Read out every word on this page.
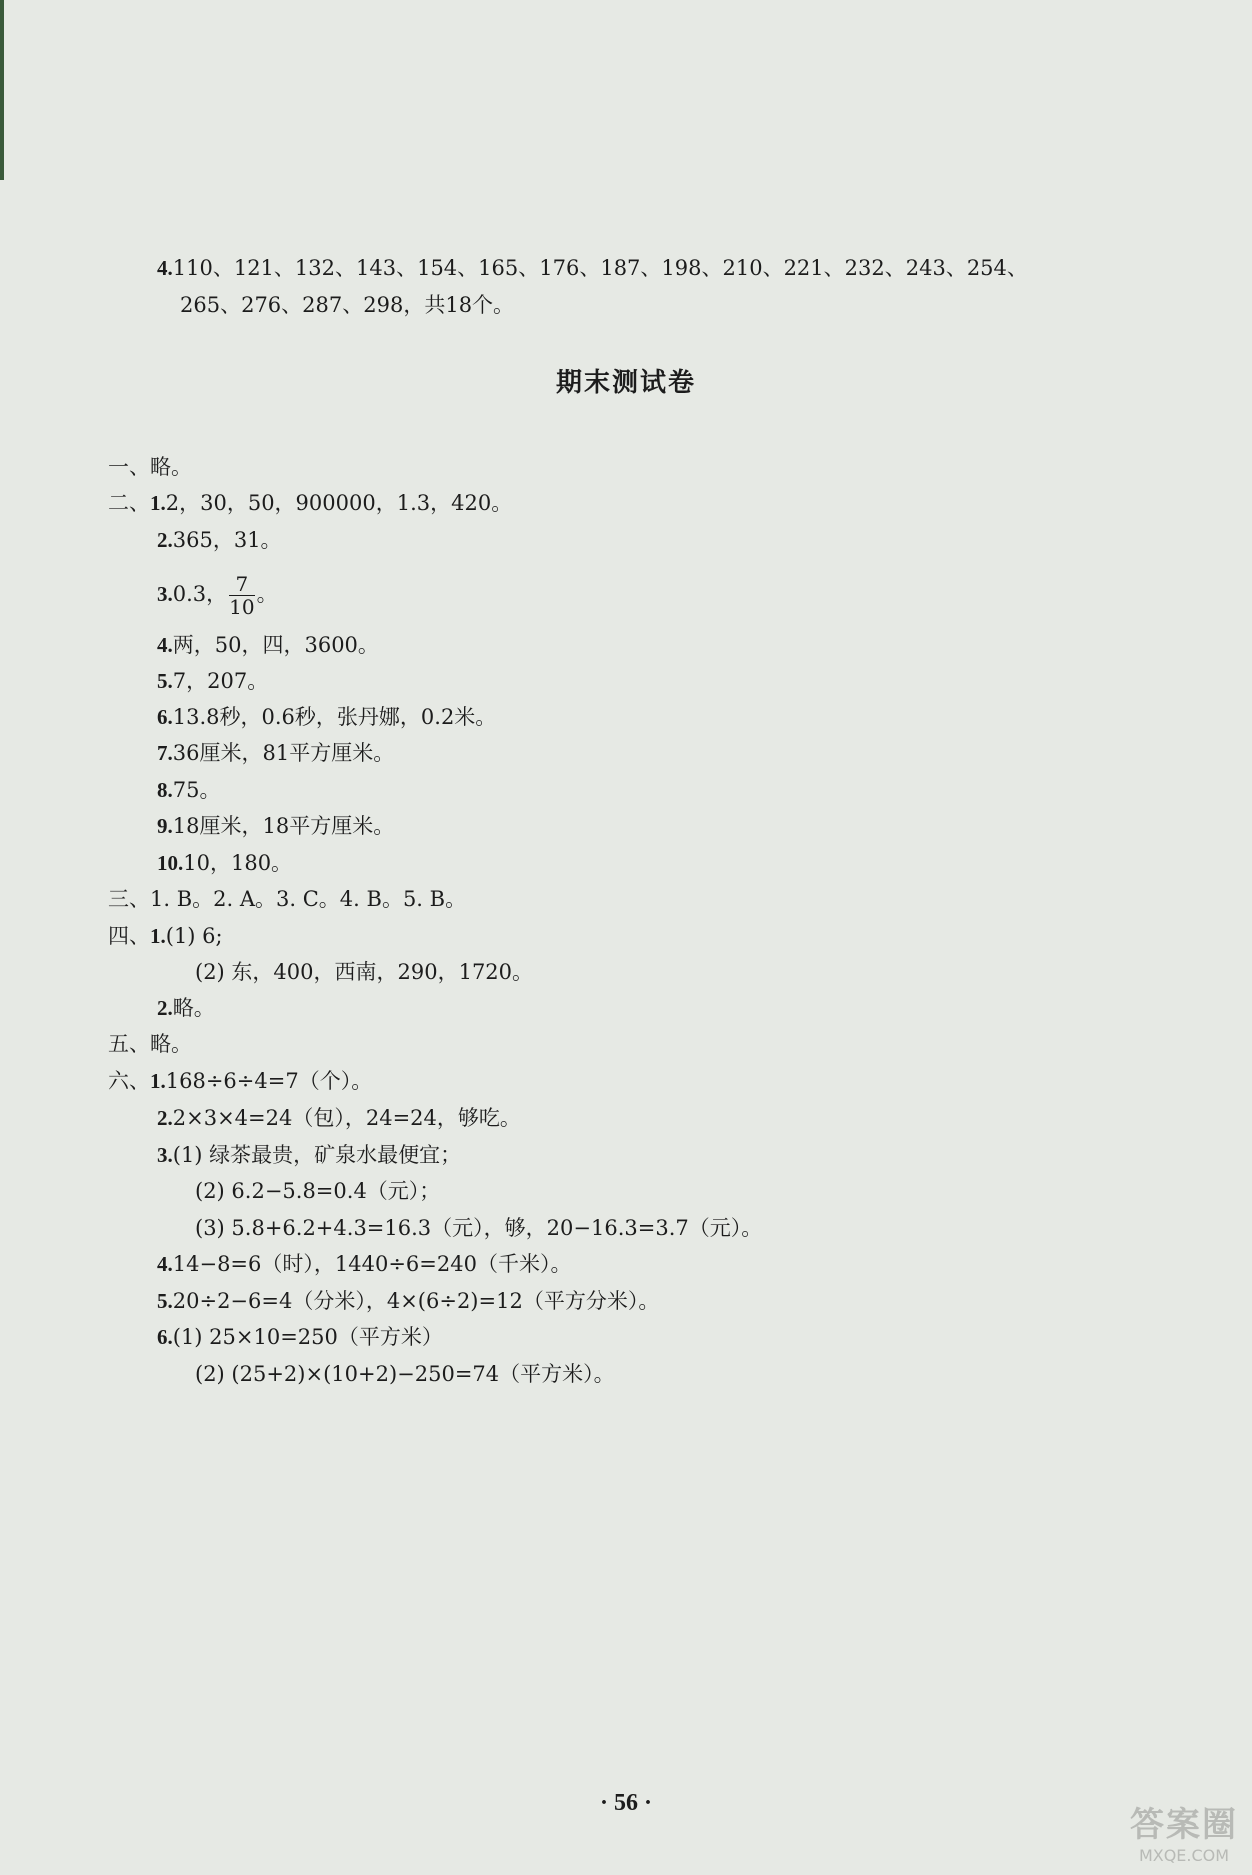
4.110、121、132、143、154、165、176、187、198、210、221、232、243、254、
265、276、287、298，共18个。
期末测试卷
一、略。
二、1.2，30，50，900000，1.3，420。
2.365，31。
3.0.3， $\frac{7}{10}$ 。
4.两，50，四，3600。
5.7，207。
6.13.8秒，0.6秒，张丹娜，0.2米。
7.36厘米，81平方厘米。
8.75。
9.18厘米，18平方厘米。
10.10，180。
三、1. B。2. A。3. C。4. B。5. B。
四、1.(1) 6;
(2) 东，400，西南，290，1720。
2.略。
五、略。
六、1.168÷6÷4=7（个）。
2.2×3×4=24（包），24=24，够吃。
3.(1) 绿茶最贵，矿泉水最便宜；
(2) 6.2−5.8=0.4（元）；
(3) 5.8+6.2+4.3=16.3（元），够，20−16.3=3.7（元）。
4.14−8=6（时），1440÷6=240（千米）。
5.20÷2−6=4（分米），4×(6÷2)=12（平方分米）。
6.(1) 25×10=250（平方米）
(2) (25+2)×(10+2)−250=74（平方米）。
· 56 ·
答案圈
MXQE.COM
